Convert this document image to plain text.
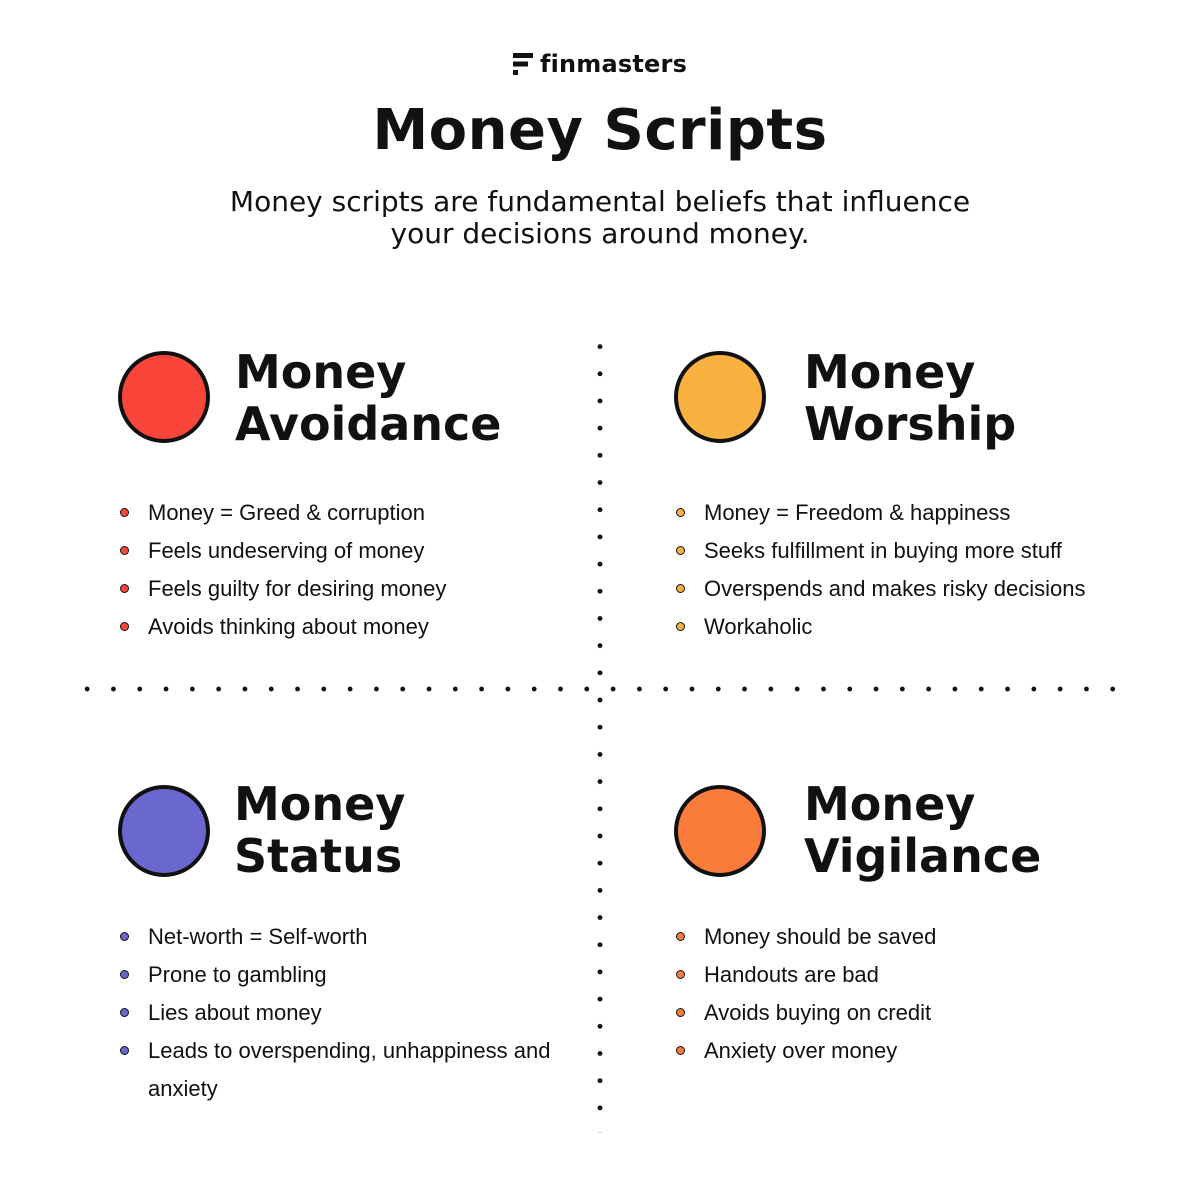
finmasters
Money Scripts

Money scripts are fundamental beliefs that influence
your decisions around money.

Money
Avoidance
Money = Greed & corruption
Feels undeserving of money
Feels guilty for desiring money
Avoids thinking about money
Money
Worship
Money = Freedom & happiness
Seeks fulfillment in buying more stuff
Overspends and makes risky decisions
Workaholic
Money
Status
Net-worth = Self-worth
Prone to gambling
Lies about money
Leads to overspending, unhappiness and anxiety
Money
Vigilance
Money should be saved
Handouts are bad
Avoids buying on credit
Anxiety over money
